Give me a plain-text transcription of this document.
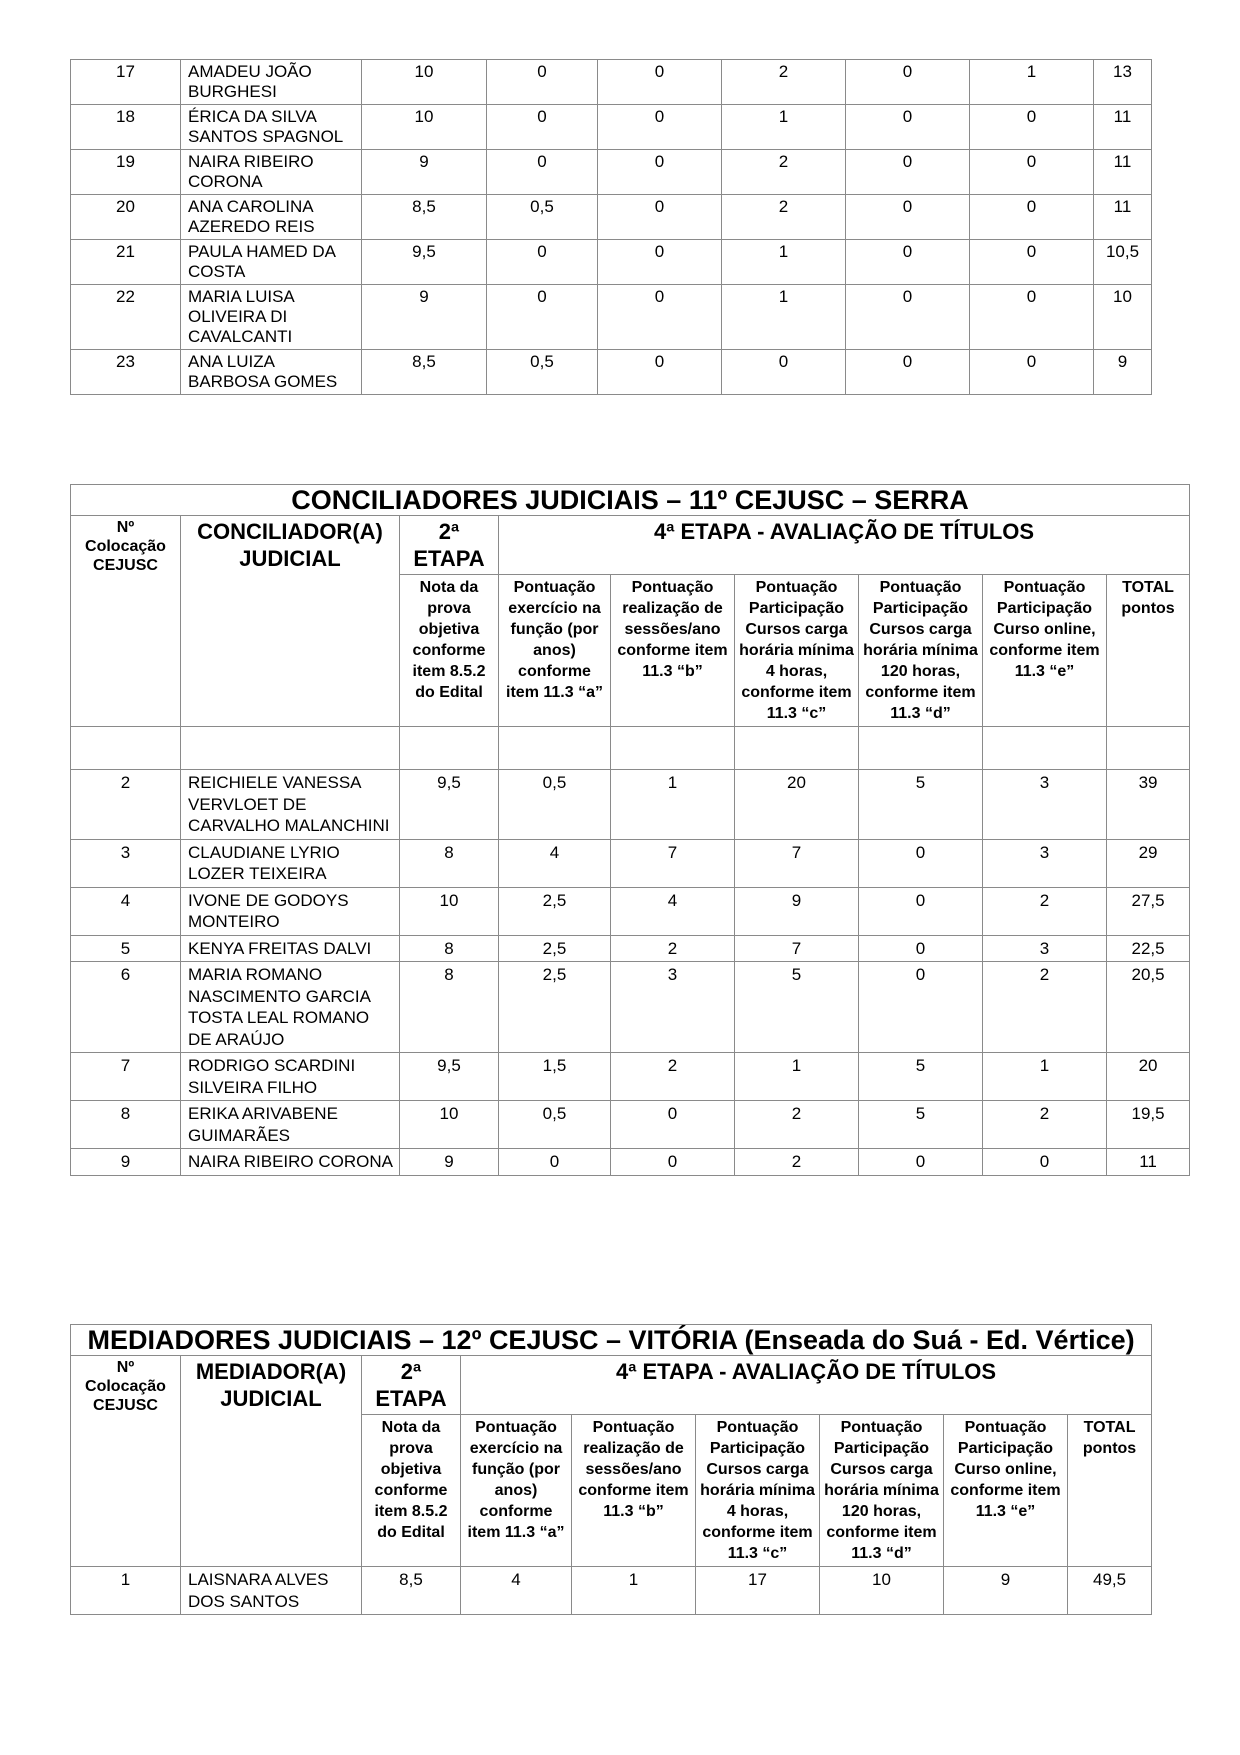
17	AMADEU JOÃO BURGHESI	10	0	0	2	0	1	13
18	ÉRICA DA SILVA SANTOS SPAGNOL	10	0	0	1	0	0	11
19	NAIRA RIBEIRO CORONA	9	0	0	2	0	0	11
20	ANA CAROLINA AZEREDO REIS	8,5	0,5	0	2	0	0	11
21	PAULA HAMED DA COSTA	9,5	0	0	1	0	0	10,5
22	MARIA LUISA OLIVEIRA DI CAVALCANTI	9	0	0	1	0	0	10
23	ANA LUIZA BARBOSA GOMES	8,5	0,5	0	0	0	0	9
CONCILIADORES JUDICIAIS – 11º CEJUSC – SERRA								
Nº Colocação CEJUSC	CONCILIADOR(A) JUDICIAL	2ª ETAPA	4ª ETAPA - AVALIAÇÃO DE TÍTULOS					
		Nota da prova objetiva conforme item 8.5.2 do Edital	Pontuação exercício na função (por anos) conforme item 11.3 “a”	Pontuação realização de sessões/ano conforme item 11.3 “b”	Pontuação Participação Cursos carga horária mínima 4 horas, conforme item 11.3 “c”	Pontuação Participação Cursos carga horária mínima 120 horas, conforme item 11.3 “d”	Pontuação Participação Curso online, conforme item 11.3 “e”	TOTAL pontos

2	REICHIELE VANESSA VERVLOET DE CARVALHO MALANCHINI	9,5	0,5	1	20	5	3	39
3	CLAUDIANE LYRIO LOZER TEIXEIRA	8	4	7	7	0	3	29
4	IVONE DE GODOYS MONTEIRO	10	2,5	4	9	0	2	27,5
5	KENYA FREITAS DALVI	8	2,5	2	7	0	3	22,5
6	MARIA ROMANO NASCIMENTO GARCIA TOSTA LEAL ROMANO DE ARAÚJO	8	2,5	3	5	0	2	20,5
7	RODRIGO SCARDINI SILVEIRA FILHO	9,5	1,5	2	1	5	1	20
8	ERIKA ARIVABENE GUIMARÃES	10	0,5	0	2	5	2	19,5
9	NAIRA RIBEIRO CORONA	9	0	0	2	0	0	11
MEDIADORES JUDICIAIS – 12º CEJUSC – VITÓRIA (Enseada do Suá - Ed. Vértice)								
Nº Colocação CEJUSC	MEDIADOR(A) JUDICIAL	2ª ETAPA	4ª ETAPA - AVALIAÇÃO DE TÍTULOS					
		Nota da prova objetiva conforme item 8.5.2 do Edital	Pontuação exercício na função (por anos) conforme item 11.3 “a”	Pontuação realização de sessões/ano conforme item 11.3 “b”	Pontuação Participação Cursos carga horária mínima 4 horas, conforme item 11.3 “c”	Pontuação Participação Cursos carga horária mínima 120 horas, conforme item 11.3 “d”	Pontuação Participação Curso online, conforme item 11.3 “e”	TOTAL pontos
1	LAISNARA ALVES DOS SANTOS	8,5	4	1	17	10	9	49,5
